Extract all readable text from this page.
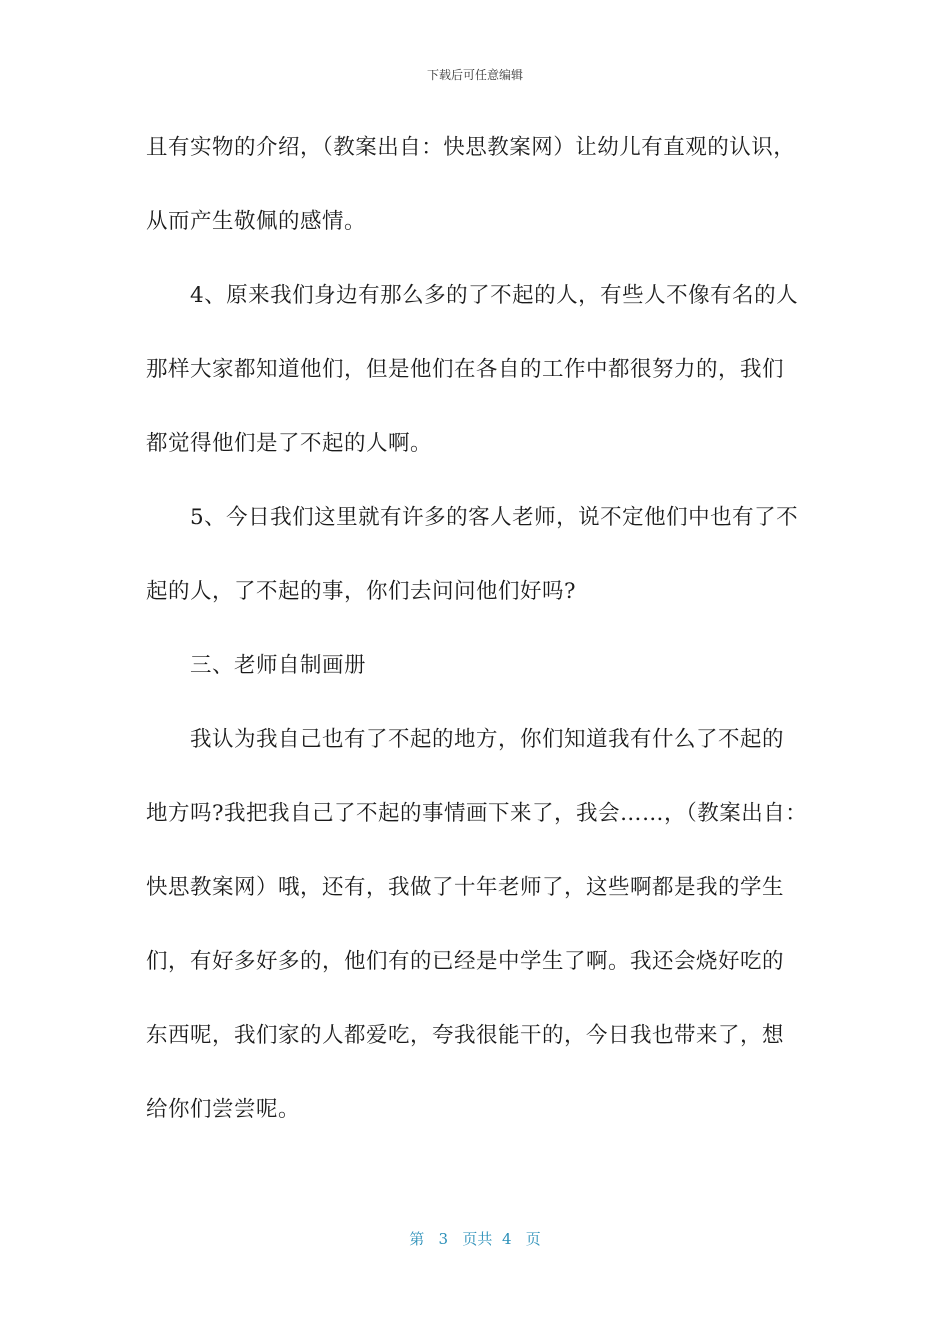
下载后可任意编辑
且有实物的介绍，（教案出自：快思教案网）让幼儿有直观的认识，
从而产生敬佩的感情。
4、原来我们身边有那么多的了不起的人，有些人不像有名的人
那样大家都知道他们，但是他们在各自的工作中都很努力的，我们
都觉得他们是了不起的人啊。
5、今日我们这里就有许多的客人老师，说不定他们中也有了不
起的人，了不起的事，你们去问问他们好吗?
三、老师自制画册
我认为我自己也有了不起的地方，你们知道我有什么了不起的
地方吗?我把我自己了不起的事情画下来了，我会……，（教案出自：
快思教案网）哦，还有，我做了十年老师了，这些啊都是我的学生
们，有好多好多的，他们有的已经是中学生了啊。我还会烧好吃的
东西呢，我们家的人都爱吃，夸我很能干的，今日我也带来了，想
给你们尝尝呢。
第 3 页共 4 页
